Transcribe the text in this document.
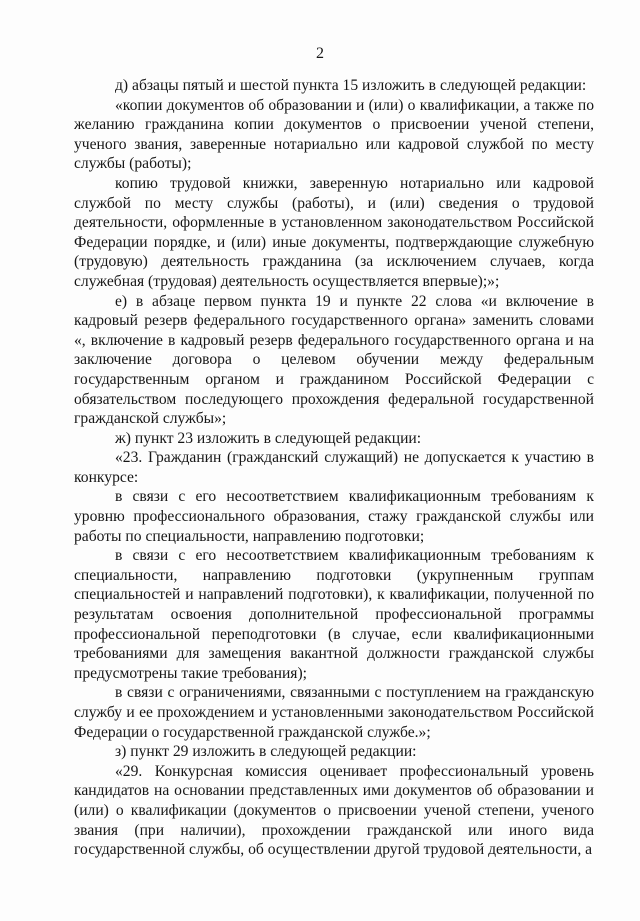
2

д) абзацы пятый и шестой пункта 15 изложить в следующей редакции:

«копии документов об образовании и (или) о квалификации, а также по желанию гражданина копии документов о присвоении ученой степени, ученого звания, заверенные нотариально или кадровой службой по месту службы (работы);

копию трудовой книжки, заверенную нотариально или кадровой службой по месту службы (работы), и (или) сведения о трудовой деятельности, оформленные в установленном законодательством Российской Федерации порядке, и (или) иные документы, подтверждающие служебную (трудовую) деятельность гражданина (за исключением случаев, когда служебная (трудовая) деятельность осуществляется впервые);»;

е) в абзаце первом пункта 19 и пункте 22 слова «и включение в кадровый резерв федерального государственного органа» заменить словами «, включение в кадровый резерв федерального государственного органа и на заключение договора о целевом обучении между федеральным государственным органом и гражданином Российской Федерации с обязательством последующего прохождения федеральной государственной гражданской службы»;

ж) пункт 23 изложить в следующей редакции:

«23. Гражданин (гражданский служащий) не допускается к участию в конкурсе:

в связи с его несоответствием квалификационным требованиям к уровню профессионального образования, стажу гражданской службы или работы по специальности, направлению подготовки;

в связи с его несоответствием квалификационным требованиям к специальности, направлению подготовки (укрупненным группам специальностей и направлений подготовки), к квалификации, полученной по результатам освоения дополнительной профессиональной программы профессиональной переподготовки (в случае, если квалификационными требованиями для замещения вакантной должности гражданской службы предусмотрены такие требования);

в связи с ограничениями, связанными с поступлением на гражданскую службу и ее прохождением и установленными законодательством Российской Федерации о государственной гражданской службе.»;

з) пункт 29 изложить в следующей редакции:

«29. Конкурсная комиссия оценивает профессиональный уровень кандидатов на основании представленных ими документов об образовании и (или) о квалификации (документов о присвоении ученой степени, ученого звания (при наличии), прохождении гражданской или иного вида государственной службы, об осуществлении другой трудовой деятельности, а
